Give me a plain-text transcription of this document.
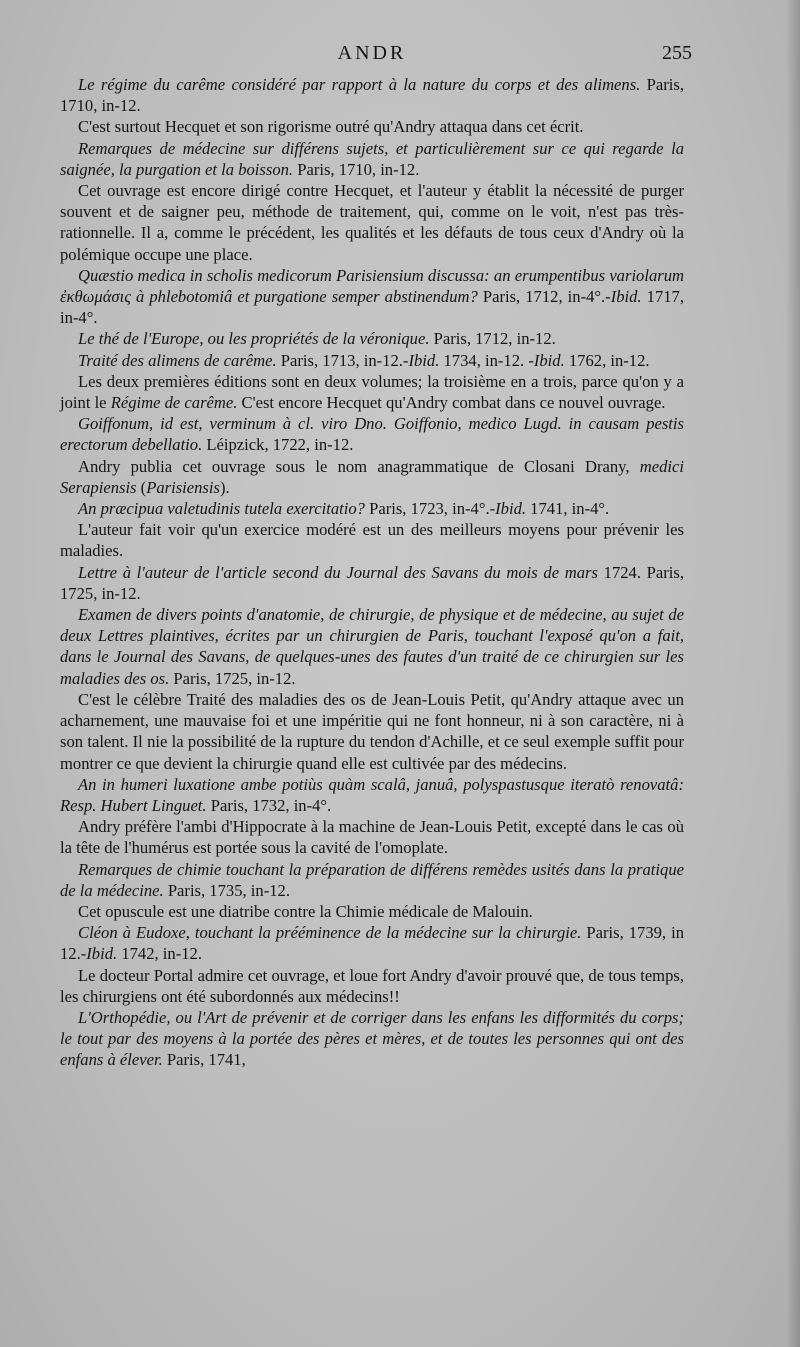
ANDR	255

Le régime du carême considéré par rapport à la nature du corps et des alimens. Paris, 1710, in-12.

C'est surtout Hecquet et son rigorisme outré qu'Andry attaqua dans cet écrit.

Remarques de médecine sur différens sujets, et particulièrement sur ce qui regarde la saignée, la purgation et la boisson. Paris, 1710, in-12.

Cet ouvrage est encore dirigé contre Hecquet, et l'auteur y établit la nécessité de purger souvent et de saigner peu, méthode de traitement, qui, comme on le voit, n'est pas très-rationnelle. Il a, comme le précédent, les qualités et les défauts de tous ceux d'Andry où la polémique occupe une place.

Quæstio medica in scholis medicorum Parisiensium discussa: an erumpentibus variolarum ἐκθωμάσις à phlebotomiâ et purgatione semper abstinendum? Paris, 1712, in-4°.-Ibid. 1717, in-4°.

Le thé de l'Europe, ou les propriétés de la véronique. Paris, 1712, in-12.

Traité des alimens de carême. Paris, 1713, in-12.-Ibid. 1734, in-12. -Ibid. 1762, in-12.

Les deux premières éditions sont en deux volumes; la troisième en a trois, parce qu'on y a joint le Régime de carême. C'est encore Hecquet qu'Andry combat dans ce nouvel ouvrage.

Goiffonum, id est, verminum à cl. viro Dno. Goiffonio, medico Lugd. in causam pestis erectorum debellatio. Léipzick, 1722, in-12.

Andry publia cet ouvrage sous le nom anagrammatique de Closani Drany, medici Serapiensis (Parisiensis).

An præcipua valetudinis tutela exercitatio? Paris, 1723, in-4°.-Ibid. 1741, in-4°.

L'auteur fait voir qu'un exercice modéré est un des meilleurs moyens pour prévenir les maladies.

Lettre à l'auteur de l'article second du Journal des Savans du mois de mars 1724. Paris, 1725, in-12.

Examen de divers points d'anatomie, de chirurgie, de physique et de médecine, au sujet de deux Lettres plaintives, écrites par un chirurgien de Paris, touchant l'exposé qu'on a fait, dans le Journal des Savans, de quelques-unes des fautes d'un traité de ce chirurgien sur les maladies des os. Paris, 1725, in-12.

C'est le célèbre Traité des maladies des os de Jean-Louis Petit, qu'Andry attaque avec un acharnement, une mauvaise foi et une impéritie qui ne font honneur, ni à son caractère, ni à son talent. Il nie la possibilité de la rupture du tendon d'Achille, et ce seul exemple suffit pour montrer ce que devient la chirurgie quand elle est cultivée par des médecins.

An in humeri luxatione ambe potiùs quàm scalâ, januâ, polyspastusque iteratò renovatâ: Resp. Hubert Linguet. Paris, 1732, in-4°.

Andry préfère l'ambi d'Hippocrate à la machine de Jean-Louis Petit, excepté dans le cas où la tête de l'humérus est portée sous la cavité de l'omoplate.

Remarques de chimie touchant la préparation de différens remèdes usités dans la pratique de la médecine. Paris, 1735, in-12.

Cet opuscule est une diatribe contre la Chimie médicale de Malouin.

Cléon à Eudoxe, touchant la prééminence de la médecine sur la chirurgie. Paris, 1739, in 12.-Ibid. 1742, in-12.

Le docteur Portal admire cet ouvrage, et loue fort Andry d'avoir prouvé que, de tous temps, les chirurgiens ont été subordonnés aux médecins!!

L'Orthopédie, ou l'Art de prévenir et de corriger dans les enfans les difformités du corps; le tout par des moyens à la portée des pères et mères, et de toutes les personnes qui ont des enfans à élever. Paris, 1741,
